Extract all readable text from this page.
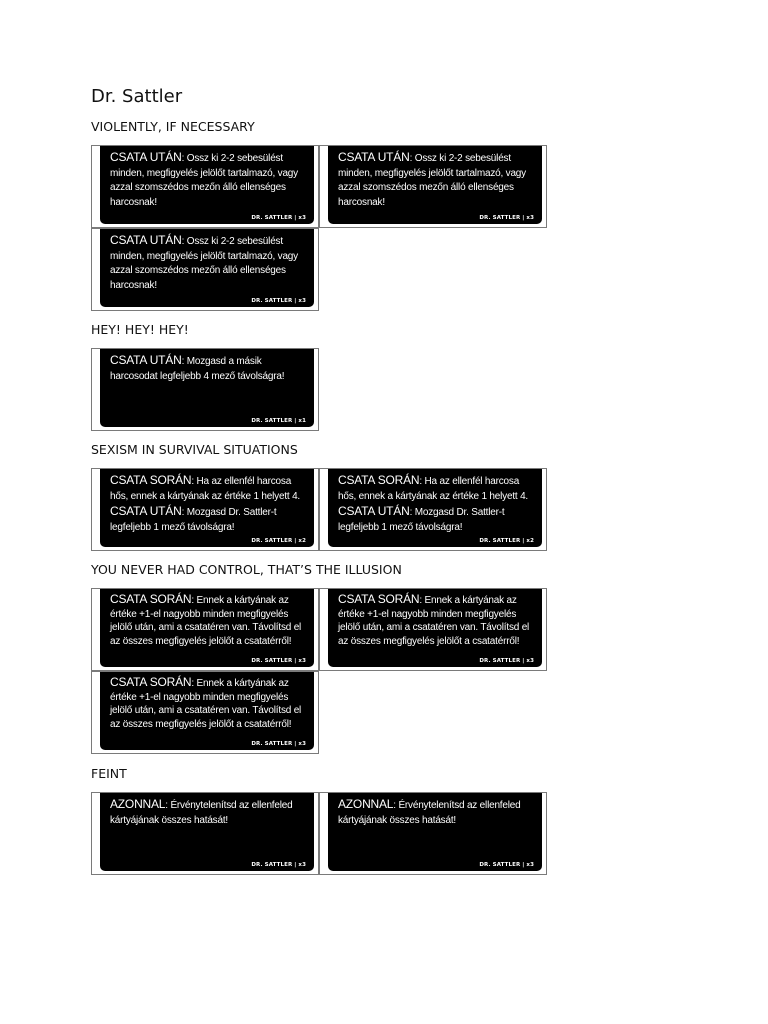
Dr. Sattler
VIOLENTLY, IF NECESSARY

CSATA UTÁN: Ossz ki 2-2 sebesülést minden, megfigyelés jelölőt tartalmazó, vagy azzal szomszédos mezőn álló ellenséges harcosnak!

DR. SATTLER | x3

CSATA UTÁN: Ossz ki 2-2 sebesülést minden, megfigyelés jelölőt tartalmazó, vagy azzal szomszédos mezőn álló ellenséges harcosnak!

DR. SATTLER | x3

CSATA UTÁN: Ossz ki 2-2 sebesülést minden, megfigyelés jelölőt tartalmazó, vagy azzal szomszédos mezőn álló ellenséges harcosnak!

DR. SATTLER | x3
HEY! HEY! HEY!

CSATA UTÁN: Mozgasd a másik harcosodat legfeljebb 4 mező távolságra!

DR. SATTLER | x1
SEXISM IN SURVIVAL SITUATIONS

CSATA SORÁN: Ha az ellenfél harcosa hős, ennek a kártyának az értéke 1 helyett 4.
CSATA UTÁN: Mozgasd Dr. Sattler-t legfeljebb 1 mező távolságra!

DR. SATTLER | x2

CSATA SORÁN: Ha az ellenfél harcosa hős, ennek a kártyának az értéke 1 helyett 4.
CSATA UTÁN: Mozgasd Dr. Sattler-t legfeljebb 1 mező távolságra!

DR. SATTLER | x2
YOU NEVER HAD CONTROL, THAT’S THE ILLUSION

CSATA SORÁN: Ennek a kártyának az értéke +1-el nagyobb minden megfigyelés jelölő után, ami a csatatéren van. Távolítsd el az összes megfigyelés jelölőt a csatatérről!

DR. SATTLER | x3

CSATA SORÁN: Ennek a kártyának az értéke +1-el nagyobb minden megfigyelés jelölő után, ami a csatatéren van. Távolítsd el az összes megfigyelés jelölőt a csatatérről!

DR. SATTLER | x3

CSATA SORÁN: Ennek a kártyának az értéke +1-el nagyobb minden megfigyelés jelölő után, ami a csatatéren van. Távolítsd el az összes megfigyelés jelölőt a csatatérről!

DR. SATTLER | x3
FEINT

AZONNAL: Érvénytelenítsd az ellenfeled kártyájának összes hatását!

DR. SATTLER | x3

AZONNAL: Érvénytelenítsd az ellenfeled kártyájának összes hatását!

DR. SATTLER | x3
